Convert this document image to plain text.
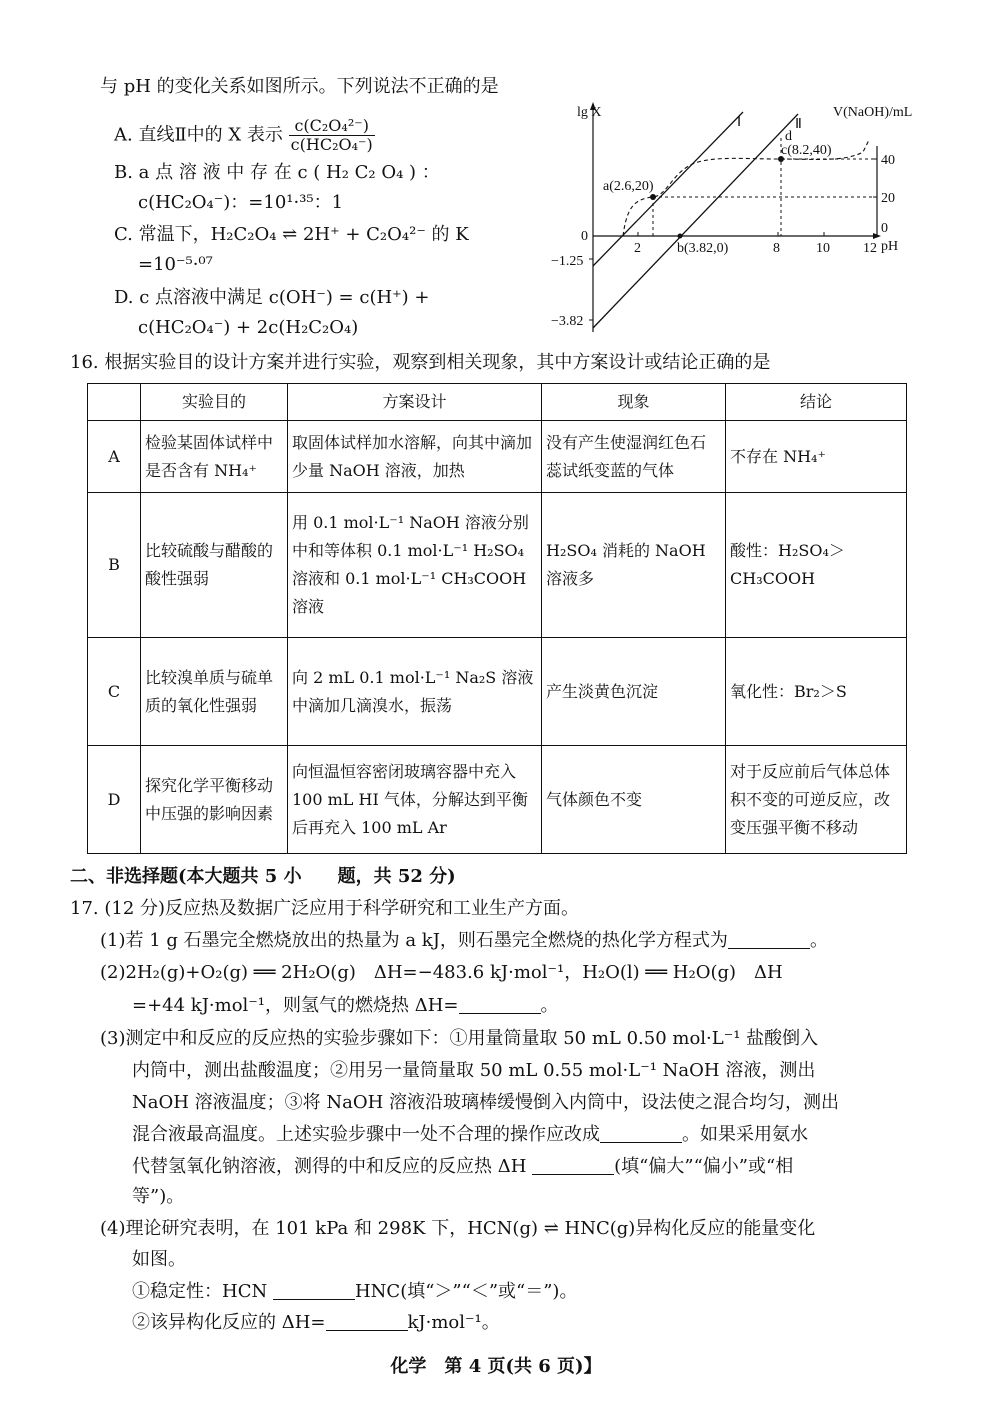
与 pH 的变化关系如图所示。下列说法不正确的是
A. 直线Ⅱ中的 X 表示 $\frac{\text{c(C₂O₄²⁻)}}{\text{c(HC₂O₄⁻)}}$
B. a 点 溶 液 中 存 在 c ( H₂ C₂ O₄ ) ：
c(HC₂O₄⁻)：=10¹·³⁵：1
C. 常温下，H₂C₂O₄ ⇌ 2H⁺ + C₂O₄²⁻ 的 K
=10⁻⁵·⁰⁷
D. c 点溶液中满足 c(OH⁻) = c(H⁺) +
c(HC₂O₄⁻) + 2c(H₂C₂O₄)
lg X	V(NaOH)/mL
0
−1.25
−3.82
2	8	10 12 pH
40
20
0
Ⅰ	Ⅱ
a(2.6,20)
b(3.82,0)
c(8.2,40)
d
16. 根据实验目的设计方案并进行实验，观察到相关现象，其中方案设计或结论正确的是
	实验目的	方案设计	现象	结论
A	检验某固体试样中是否含有 NH₄⁺	取固体试样加水溶解，向其中滴加少量 NaOH 溶液，加热	没有产生使湿润红色石蕊试纸变蓝的气体	不存在 NH₄⁺
B	比较硫酸与醋酸的酸性强弱	用 0.1 mol·L⁻¹ NaOH 溶液分别中和等体积 0.1 mol·L⁻¹ H₂SO₄ 溶液和 0.1 mol·L⁻¹ CH₃COOH 溶液	H₂SO₄ 消耗的 NaOH 溶液多	酸性：H₂SO₄＞CH₃COOH
C	比较溴单质与硫单质的氧化性强弱	向 2 mL 0.1 mol·L⁻¹ Na₂S 溶液中滴加几滴溴水，振荡	产生淡黄色沉淀	氧化性：Br₂＞S
D	探究化学平衡移动中压强的影响因素	向恒温恒容密闭玻璃容器中充入 100 mL HI 气体，分解达到平衡后再充入 100 mL Ar	气体颜色不变	对于反应前后气体总体积不变的可逆反应，改变压强平衡不移动
二、非选择题(本大题共 5 小　　题，共 52 分)
17. (12 分)反应热及数据广泛应用于科学研究和工业生产方面。
(1)若 1 g 石墨完全燃烧放出的热量为 a kJ，则石墨完全燃烧的热化学方程式为	。
(2)2H₂(g)+O₂(g) ══ 2H₂O(g)　ΔH=−483.6 kJ·mol⁻¹，H₂O(l) ══ H₂O(g)　ΔH
=+44 kJ·mol⁻¹，则氢气的燃烧热 ΔH=	。
(3)测定中和反应的反应热的实验步骤如下：①用量筒量取 50 mL 0.50 mol·L⁻¹ 盐酸倒入
内筒中，测出盐酸温度；②用另一量筒量取 50 mL 0.55 mol·L⁻¹ NaOH 溶液，测出
NaOH 溶液温度；③将 NaOH 溶液沿玻璃棒缓慢倒入内筒中，设法使之混合均匀，测出
混合液最高温度。上述实验步骤中一处不合理的操作应改成	。如果采用氨水
代替氢氧化钠溶液，测得的中和反应的反应热 ΔH	(填“偏大”“偏小”或“相
等”)。
(4)理论研究表明，在 101 kPa 和 298K 下，HCN(g) ⇌ HNC(g)异构化反应的能量变化
如图。
①稳定性：HCN	HNC(填“＞”“＜”或“＝”)。
②该异构化反应的 ΔH=	kJ·mol⁻¹。
化学　第 4 页(共 6 页)】
